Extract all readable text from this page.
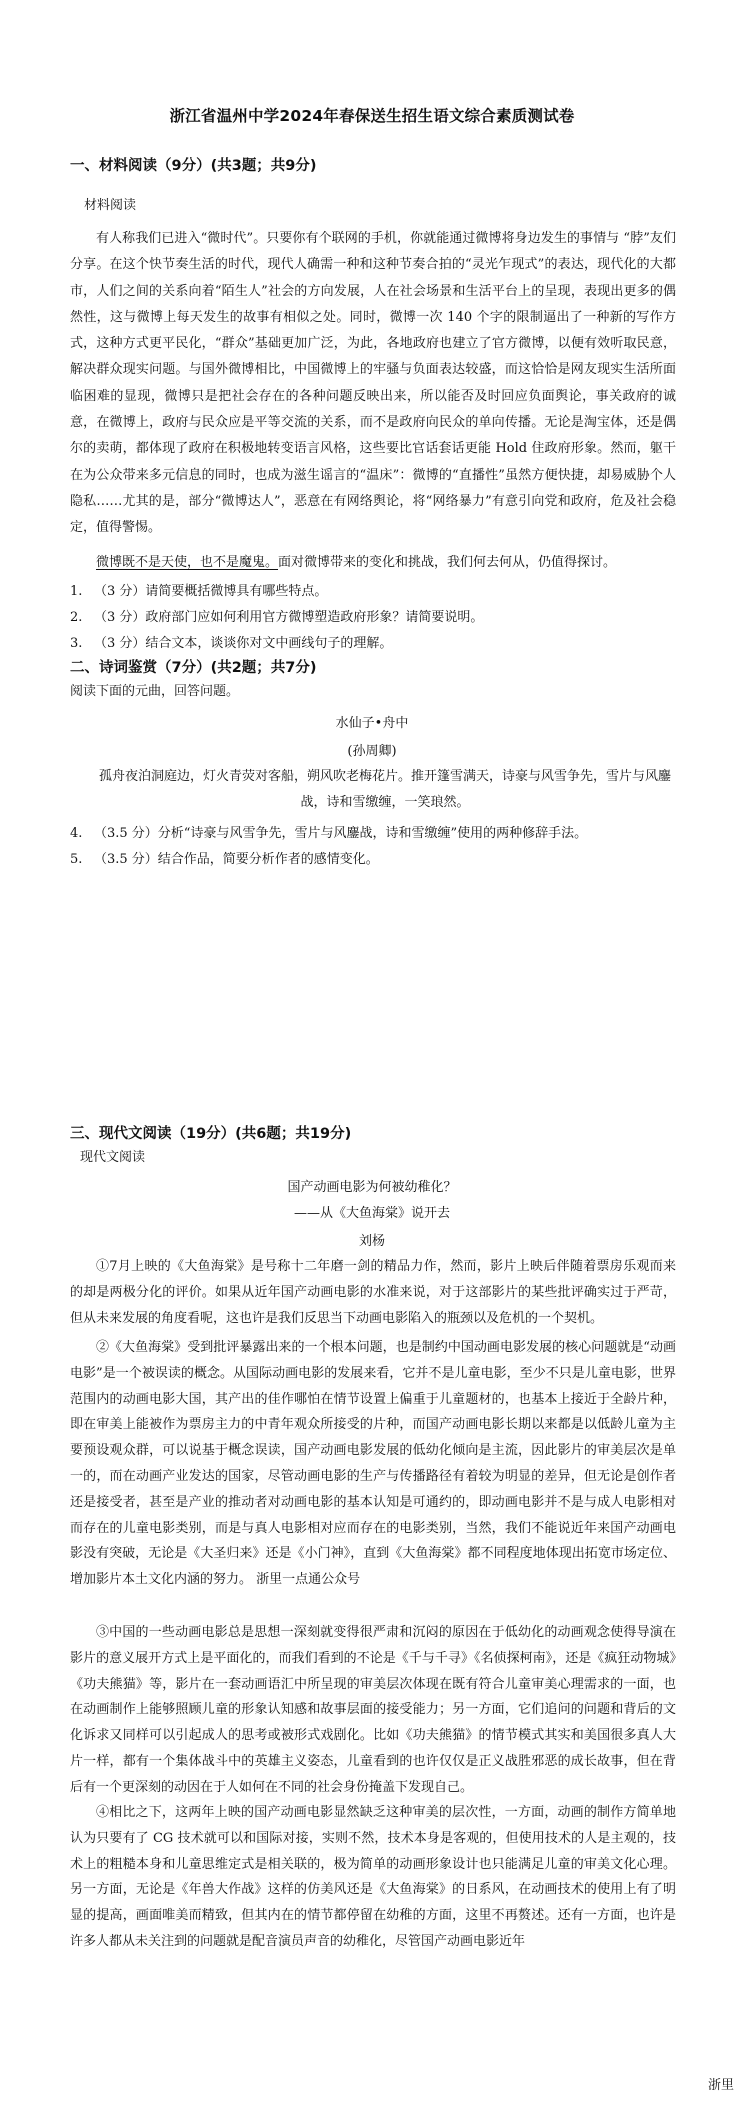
浙江省温州中学2024年春保送生招生语文综合素质测试卷
一、材料阅读（9分）(共3题；共9分)
材料阅读

有人称我们已进入“微时代”。只要你有个联网的手机，你就能通过微博将身边发生的事情与 “脖”友们分享。在这个快节奏生活的时代，现代人确需一种和这种节奏合拍的“灵光乍现式”的表达，现代化的大都市，人们之间的关系向着“陌生人”社会的方向发展，人在社会场景和生活平台上的呈现，表现出更多的偶然性，这与微博上每天发生的故事有相似之处。同时，微博一次 140 个字的限制逼出了一种新的写作方式，这种方式更平民化，“群众”基础更加广泛，为此，各地政府也建立了官方微博，以便有效听取民意，解决群众现实问题。与国外微博相比，中国微博上的牢骚与负面表达较盛，而这恰恰是网友现实生活所面临困难的显现，微博只是把社会存在的各种问题反映出来，所以能否及时回应负面舆论，事关政府的诚意，在微博上，政府与民众应是平等交流的关系，而不是政府向民众的单向传播。无论是淘宝体，还是偶尔的卖萌，都体现了政府在积极地转变语言风格，这些要比官话套话更能 Hold 住政府形象。然而，躯干在为公众带来多元信息的同时，也成为滋生谣言的“温床”：微博的“直播性”虽然方便快捷，却易威胁个人隐私……尤其的是，部分“微博达人”，恶意在有网络舆论，将“网络暴力”有意引向党和政府，危及社会稳定，值得警惕。

微博既不是天使，也不是魔鬼。面对微博带来的变化和挑战，我们何去何从，仍值得探讨。

1. （3 分）请简要概括微博具有哪些特点。
2. （3 分）政府部门应如何利用官方微博塑造政府形象？请简要说明。
3. （3 分）结合文本，谈谈你对文中画线句子的理解。
二、诗词鉴赏（7分）(共2题；共7分)
阅读下面的元曲，回答问题。
水仙子•舟中
(孙周卿)

孤舟夜泊洞庭边，灯火青荧对客船，朔风吹老梅花片。推开篷雪满天，诗豪与风雪争先，雪片与风鏖战，诗和雪缴缠，一笑琅然。

4. （3.5 分）分析“诗豪与风雪争先，雪片与风鏖战，诗和雪缴缠”使用的两种修辞手法。
5. （3.5 分）结合作品，简要分析作者的感情变化。
三、现代文阅读（19分）(共6题；共19分)
现代文阅读
国产动画电影为何被幼稚化？
——从《大鱼海棠》说开去
刘杨

①7月上映的《大鱼海棠》是号称十二年磨一剑的精品力作，然而，影片上映后伴随着票房乐观而来的却是两极分化的评价。如果从近年国产动画电影的水准来说，对于这部影片的某些批评确实过于严苛，但从未来发展的角度看呢，这也许是我们反思当下动画电影陷入的瓶颈以及危机的一个契机。

②《大鱼海棠》受到批评暴露出来的一个根本问题，也是制约中国动画电影发展的核心问题就是“动画电影”是一个被误读的概念。从国际动画电影的发展来看，它并不是儿童电影，至少不只是儿童电影，世界范围内的动画电影大国，其产出的佳作哪怕在情节设置上偏重于儿童题材的，也基本上接近于全龄片种，即在审美上能被作为票房主力的中青年观众所接受的片种，而国产动画电影长期以来都是以低龄儿童为主要预设观众群，可以说基于概念误读，国产动画电影发展的低幼化倾向是主流，因此影片的审美层次是单一的，而在动画产业发达的国家，尽管动画电影的生产与传播路径有着较为明显的差异，但无论是创作者还是接受者，甚至是产业的推动者对动画电影的基本认知是可通约的，即动画电影并不是与成人电影相对而存在的儿童电影类别，而是与真人电影相对应而存在的电影类别，当然，我们不能说近年来国产动画电影没有突破，无论是《大圣归来》还是《小门神》，直到《大鱼海棠》都不同程度地体现出拓宽市场定位、增加影片本土文化内涵的努力。 浙里一点通公众号

③中国的一些动画电影总是思想一深刻就变得很严肃和沉闷的原因在于低幼化的动画观念使得导演在影片的意义展开方式上是平面化的，而我们看到的不论是《千与千寻》《名侦探柯南》，还是《疯狂动物城》《功夫熊猫》等，影片在一套动画语汇中所呈现的审美层次体现在既有符合儿童审美心理需求的一面，也在动画制作上能够照顾儿童的形象认知感和故事层面的接受能力；另一方面，它们追问的问题和背后的文化诉求又同样可以引起成人的思考或被形式戏剧化。比如《功夫熊猫》的情节模式其实和美国很多真人大片一样，都有一个集体战斗中的英雄主义姿态，儿童看到的也许仅仅是正义战胜邪恶的成长故事，但在背后有一个更深刻的动因在于人如何在不同的社会身份掩盖下发现自己。

④相比之下，这两年上映的国产动画电影显然缺乏这种审美的层次性，一方面，动画的制作方简单地认为只要有了 CG 技术就可以和国际对接，实则不然，技术本身是客观的，但使用技术的人是主观的，技术上的粗糙本身和儿童思维定式是相关联的，极为简单的动画形象设计也只能满足儿童的审美文化心理。另一方面，无论是《年兽大作战》这样的仿美风还是《大鱼海棠》的日系风，在动画技术的使用上有了明显的提高，画面唯美而精致，但其内在的情节都停留在幼稚的方面，这里不再赘述。还有一方面，也许是许多人都从未关注到的问题就是配音演员声音的幼稚化，尽管国产动画电影近年

浙里
